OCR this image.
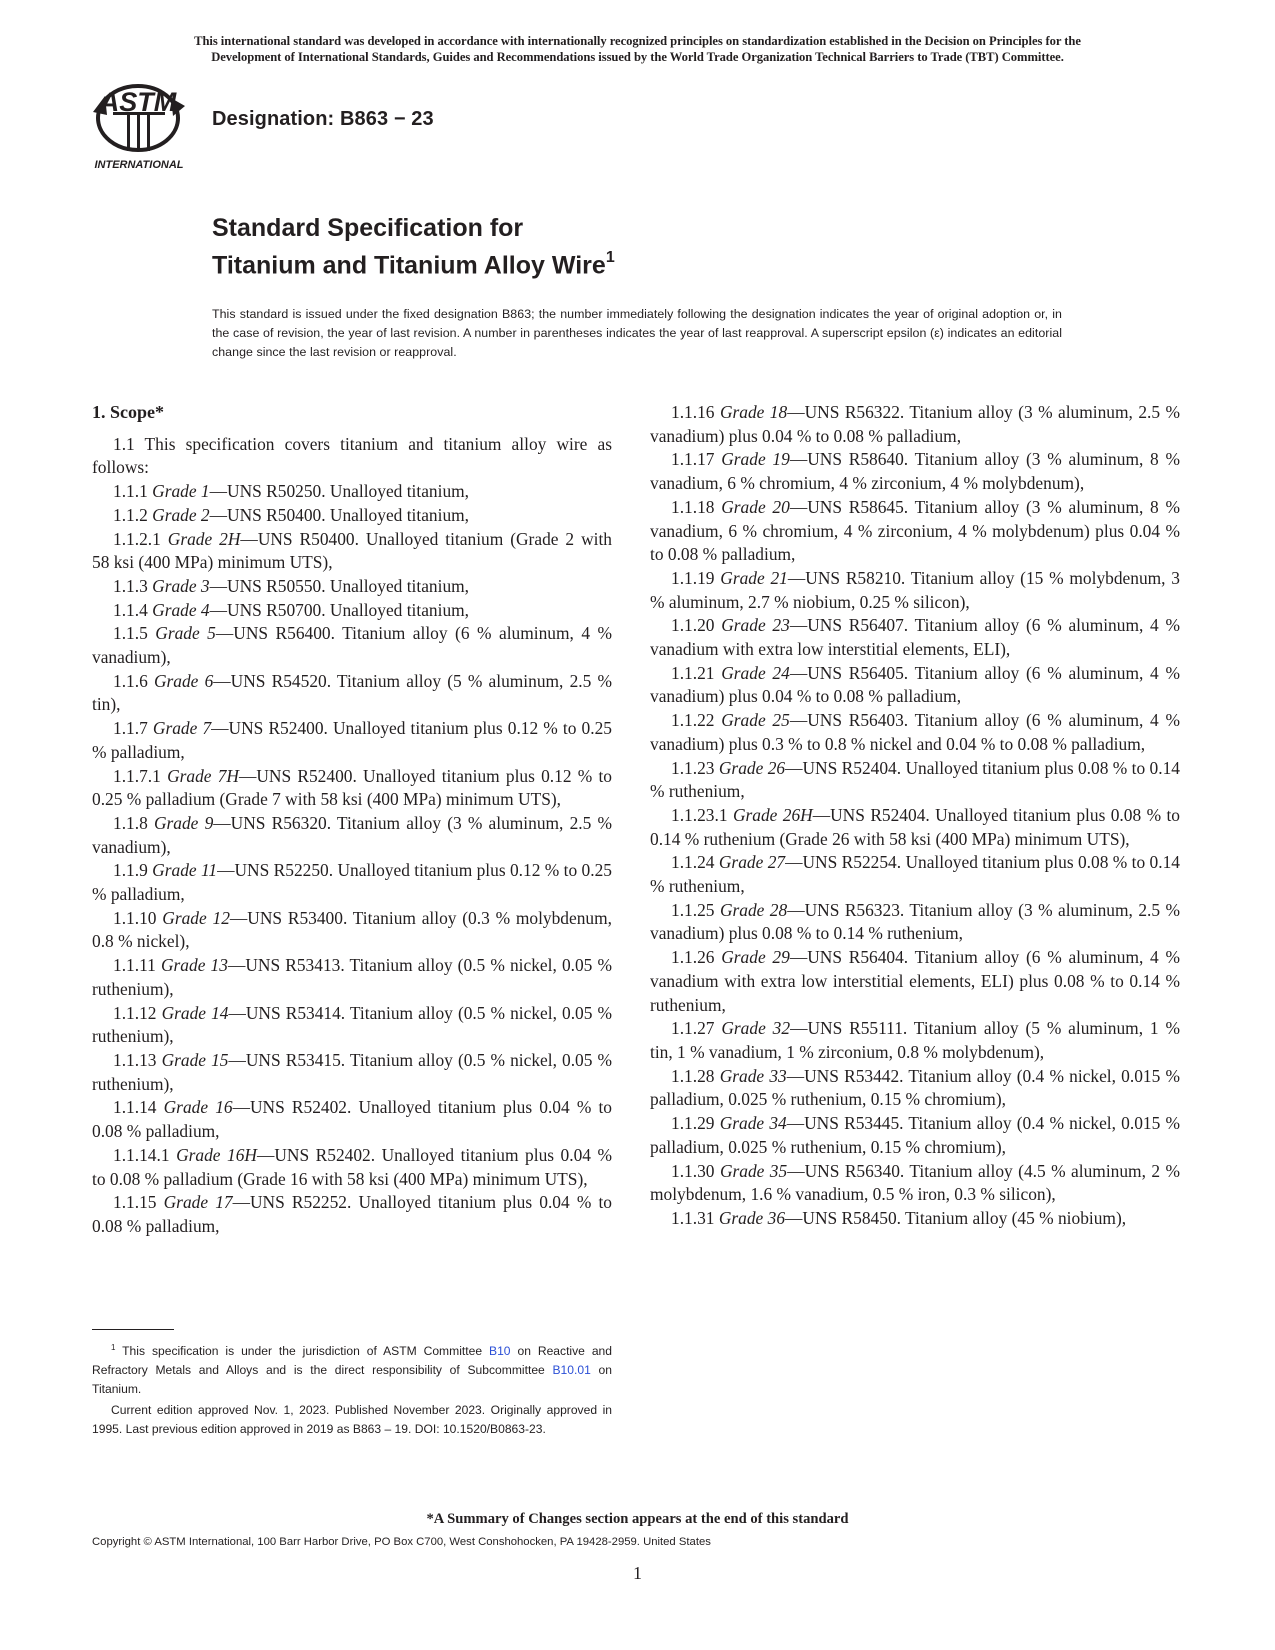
This international standard was developed in accordance with internationally recognized principles on standardization established in the Decision on Principles for the
Development of International Standards, Guides and Recommendations issued by the World Trade Organization Technical Barriers to Trade (TBT) Committee.
ASTM
INTERNATIONAL
Designation: B863 − 23
Standard Specification for
Titanium and Titanium Alloy Wire$^1$
This standard is issued under the fixed designation B863; the number immediately following the designation indicates the year of original adoption or, in the case of revision, the year of last revision. A number in parentheses indicates the year of last reapproval. A superscript epsilon (ε) indicates an editorial change since the last revision or reapproval.
1. Scope*
1.1 This specification covers titanium and titanium alloy wire as follows:
1.1.1 Grade 1—UNS R50250. Unalloyed titanium,
1.1.2 Grade 2—UNS R50400. Unalloyed titanium,
1.1.2.1 Grade 2H—UNS R50400. Unalloyed titanium (Grade 2 with 58 ksi (400 MPa) minimum UTS),
1.1.3 Grade 3—UNS R50550. Unalloyed titanium,
1.1.4 Grade 4—UNS R50700. Unalloyed titanium,
1.1.5 Grade 5—UNS R56400. Titanium alloy (6 % aluminum, 4 % vanadium),
1.1.6 Grade 6—UNS R54520. Titanium alloy (5 % aluminum, 2.5 % tin),
1.1.7 Grade 7—UNS R52400. Unalloyed titanium plus 0.12 % to 0.25 % palladium,
1.1.7.1 Grade 7H—UNS R52400. Unalloyed titanium plus 0.12 % to 0.25 % palladium (Grade 7 with 58 ksi (400 MPa) minimum UTS),
1.1.8 Grade 9—UNS R56320. Titanium alloy (3 % aluminum, 2.5 % vanadium),
1.1.9 Grade 11—UNS R52250. Unalloyed titanium plus 0.12 % to 0.25 % palladium,
1.1.10 Grade 12—UNS R53400. Titanium alloy (0.3 % molybdenum, 0.8 % nickel),
1.1.11 Grade 13—UNS R53413. Titanium alloy (0.5 % nickel, 0.05 % ruthenium),
1.1.12 Grade 14—UNS R53414. Titanium alloy (0.5 % nickel, 0.05 % ruthenium),
1.1.13 Grade 15—UNS R53415. Titanium alloy (0.5 % nickel, 0.05 % ruthenium),
1.1.14 Grade 16—UNS R52402. Unalloyed titanium plus 0.04 % to 0.08 % palladium,
1.1.14.1 Grade 16H—UNS R52402. Unalloyed titanium plus 0.04 % to 0.08 % palladium (Grade 16 with 58 ksi (400 MPa) minimum UTS),
1.1.15 Grade 17—UNS R52252. Unalloyed titanium plus 0.04 % to 0.08 % palladium,
1.1.16 Grade 18—UNS R56322. Titanium alloy (3 % aluminum, 2.5 % vanadium) plus 0.04 % to 0.08 % palladium,
1.1.17 Grade 19—UNS R58640. Titanium alloy (3 % aluminum, 8 % vanadium, 6 % chromium, 4 % zirconium, 4 % molybdenum),
1.1.18 Grade 20—UNS R58645. Titanium alloy (3 % aluminum, 8 % vanadium, 6 % chromium, 4 % zirconium, 4 % molybdenum) plus 0.04 % to 0.08 % palladium,
1.1.19 Grade 21—UNS R58210. Titanium alloy (15 % molybdenum, 3 % aluminum, 2.7 % niobium, 0.25 % silicon),
1.1.20 Grade 23—UNS R56407. Titanium alloy (6 % aluminum, 4 % vanadium with extra low interstitial elements, ELI),
1.1.21 Grade 24—UNS R56405. Titanium alloy (6 % aluminum, 4 % vanadium) plus 0.04 % to 0.08 % palladium,
1.1.22 Grade 25—UNS R56403. Titanium alloy (6 % aluminum, 4 % vanadium) plus 0.3 % to 0.8 % nickel and 0.04 % to 0.08 % palladium,
1.1.23 Grade 26—UNS R52404. Unalloyed titanium plus 0.08 % to 0.14 % ruthenium,
1.1.23.1 Grade 26H—UNS R52404. Unalloyed titanium plus 0.08 % to 0.14 % ruthenium (Grade 26 with 58 ksi (400 MPa) minimum UTS),
1.1.24 Grade 27—UNS R52254. Unalloyed titanium plus 0.08 % to 0.14 % ruthenium,
1.1.25 Grade 28—UNS R56323. Titanium alloy (3 % aluminum, 2.5 % vanadium) plus 0.08 % to 0.14 % ruthenium,
1.1.26 Grade 29—UNS R56404. Titanium alloy (6 % aluminum, 4 % vanadium with extra low interstitial elements, ELI) plus 0.08 % to 0.14 % ruthenium,
1.1.27 Grade 32—UNS R55111. Titanium alloy (5 % aluminum, 1 % tin, 1 % vanadium, 1 % zirconium, 0.8 % molybdenum),
1.1.28 Grade 33—UNS R53442. Titanium alloy (0.4 % nickel, 0.015 % palladium, 0.025 % ruthenium, 0.15 % chromium),
1.1.29 Grade 34—UNS R53445. Titanium alloy (0.4 % nickel, 0.015 % palladium, 0.025 % ruthenium, 0.15 % chromium),
1.1.30 Grade 35—UNS R56340. Titanium alloy (4.5 % aluminum, 2 % molybdenum, 1.6 % vanadium, 0.5 % iron, 0.3 % silicon),
1.1.31 Grade 36—UNS R58450. Titanium alloy (45 % niobium),
$^1$ This specification is under the jurisdiction of ASTM Committee B10 on Reactive and Refractory Metals and Alloys and is the direct responsibility of Subcommittee B10.01 on Titanium.
Current edition approved Nov. 1, 2023. Published November 2023. Originally approved in 1995. Last previous edition approved in 2019 as B863 – 19. DOI: 10.1520/B0863-23.
*A Summary of Changes section appears at the end of this standard
Copyright © ASTM International, 100 Barr Harbor Drive, PO Box C700, West Conshohocken, PA 19428-2959. United States
1
